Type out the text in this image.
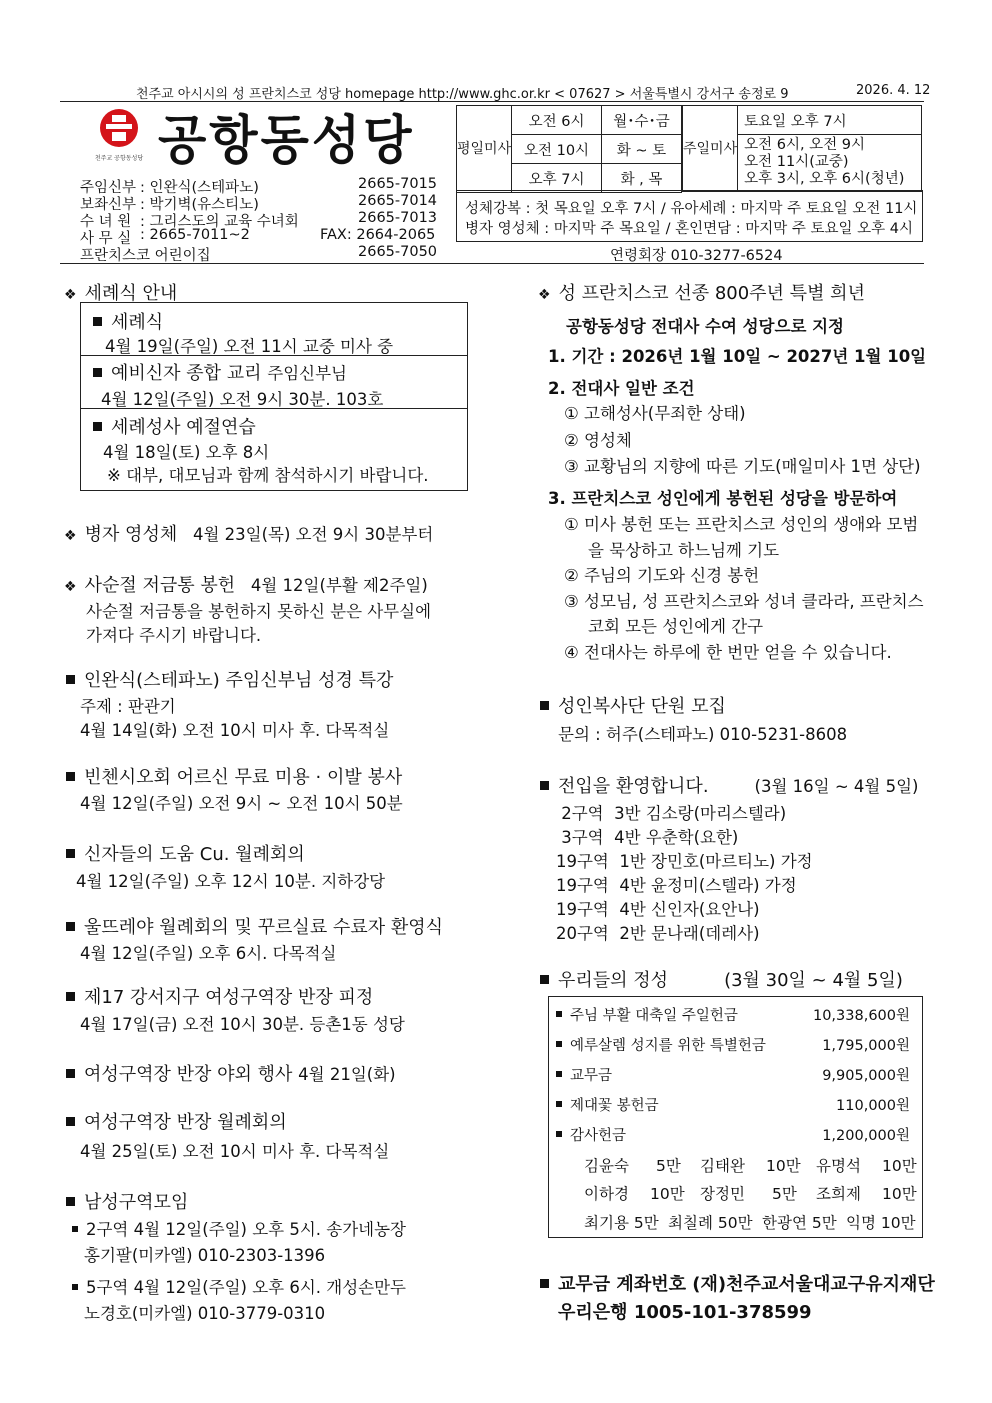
천주교 아시시의 성 프란치스코 성당 homepage http://www.ghc.or.kr < 07627 > 서울특별시 강서구 송정로 9	2026. 4. 12
천주교 공항동성당 공항동성당
주임신부 : 인완식(스테파노)	2665-7015
보좌신부 : 박기벽(유스티노)	2665-7014
수 녀 원 : 그리스도의 교육 수녀회	2665-7013
사 무 실 : 2665-7011~2	FAX: 2664-2065
프란치스코 어린이집	2665-7050
평일미사	오전 6시	월･수･금
	오전 10시	화 ~ 토
	오후 7시	화 , 목
주일미사	토요일 오후 7시

오전 6시, 오전 9시
오전 11시(교중)
오후 3시, 오후 6시(청년)
성체강복 : 첫 목요일 오후 7시 / 유아세례 : 마지막 주 토요일 오전 11시
병자 영성체 : 마지막 주 목요일 / 혼인면담 : 마지막 주 토요일 오후 4시
연령회장 010-3277-6524
❖ 세례식 안내
세례식
4월 19일(주일) 오전 11시 교중 미사 중
예비신자 종합 교리 주임신부님
4월 12일(주일) 오전 9시 30분. 103호
세례성사 예절연습
4월 18일(토) 오후 8시
※ 대부, 대모님과 함께 참석하시기 바랍니다.
❖ 병자 영성체 4월 23일(목) 오전 9시 30분부터
❖ 사순절 저금통 봉헌 4월 12일(부활 제2주일)
사순절 저금통을 봉헌하지 못하신 분은 사무실에
가져다 주시기 바랍니다.
인완식(스테파노) 주임신부님 성경 특강
주제 : 판관기
4월 14일(화) 오전 10시 미사 후. 다목적실
빈첸시오회 어르신 무료 미용 · 이발 봉사
4월 12일(주일) 오전 9시 ~ 오전 10시 50분
신자들의 도움 Cu. 월례회의
4월 12일(주일) 오후 12시 10분. 지하강당
울뜨레야 월례회의 및 꾸르실료 수료자 환영식
4월 12일(주일) 오후 6시. 다목적실
제17 강서지구 여성구역장 반장 피정
4월 17일(금) 오전 10시 30분. 등촌1동 성당
여성구역장 반장 야외 행사 4월 21일(화)
여성구역장 반장 월례회의
4월 25일(토) 오전 10시 미사 후. 다목적실
남성구역모임
2구역 4월 12일(주일) 오후 5시. 송가네농장
홍기팔(미카엘) 010-2303-1396
5구역 4월 12일(주일) 오후 6시. 개성손만두
노경호(미카엘) 010-3779-0310
❖ 성 프란치스코 선종 800주년 특별 희년
공항동성당 전대사 수여 성당으로 지정
1. 기간 : 2026년 1월 10일 ~ 2027년 1월 10일
2. 전대사 일반 조건
① 고해성사(무죄한 상태)
② 영성체
③ 교황님의 지향에 따른 기도(매일미사 1면 상단)
3. 프란치스코 성인에게 봉헌된 성당을 방문하여
① 미사 봉헌 또는 프란치스코 성인의 생애와 모범
을 묵상하고 하느님께 기도
② 주님의 기도와 신경 봉헌
③ 성모님, 성 프란치스코와 성녀 클라라, 프란치스
코회 모든 성인에게 간구
④ 전대사는 하루에 한 번만 얻을 수 있습니다.
성인복사단 단원 모집
문의 : 허주(스테파노) 010-5231-8608
전입을 환영합니다.	(3월 16일 ~ 4월 5일)
2구역  3반 김소랑(마리스텔라)
3구역  4반 우춘학(요한)
19구역  1반 장민호(마르티노) 가정
19구역  4반 윤정미(스텔라) 가정
19구역  4반 신인자(요안나)
20구역  2반 문나래(데레사)
우리들의 정성	(3월 30일 ~ 4월 5일)
주님 부활 대축일 주일헌금	10,338,600원
예루살렘 성지를 위한 특별헌금	1,795,000원
교무금	9,905,000원
제대꽃 봉헌금	110,000원
감사헌금	1,200,000원
김윤숙 5만 김태완 10만 유명석 10만
이하경 10만 장정민 5만 조희제 10만
최기용 5만 최칠례 50만 한광연 5만 익명 10만
교무금 계좌번호 (재)천주교서울대교구유지재단
우리은행 1005-101-378599
